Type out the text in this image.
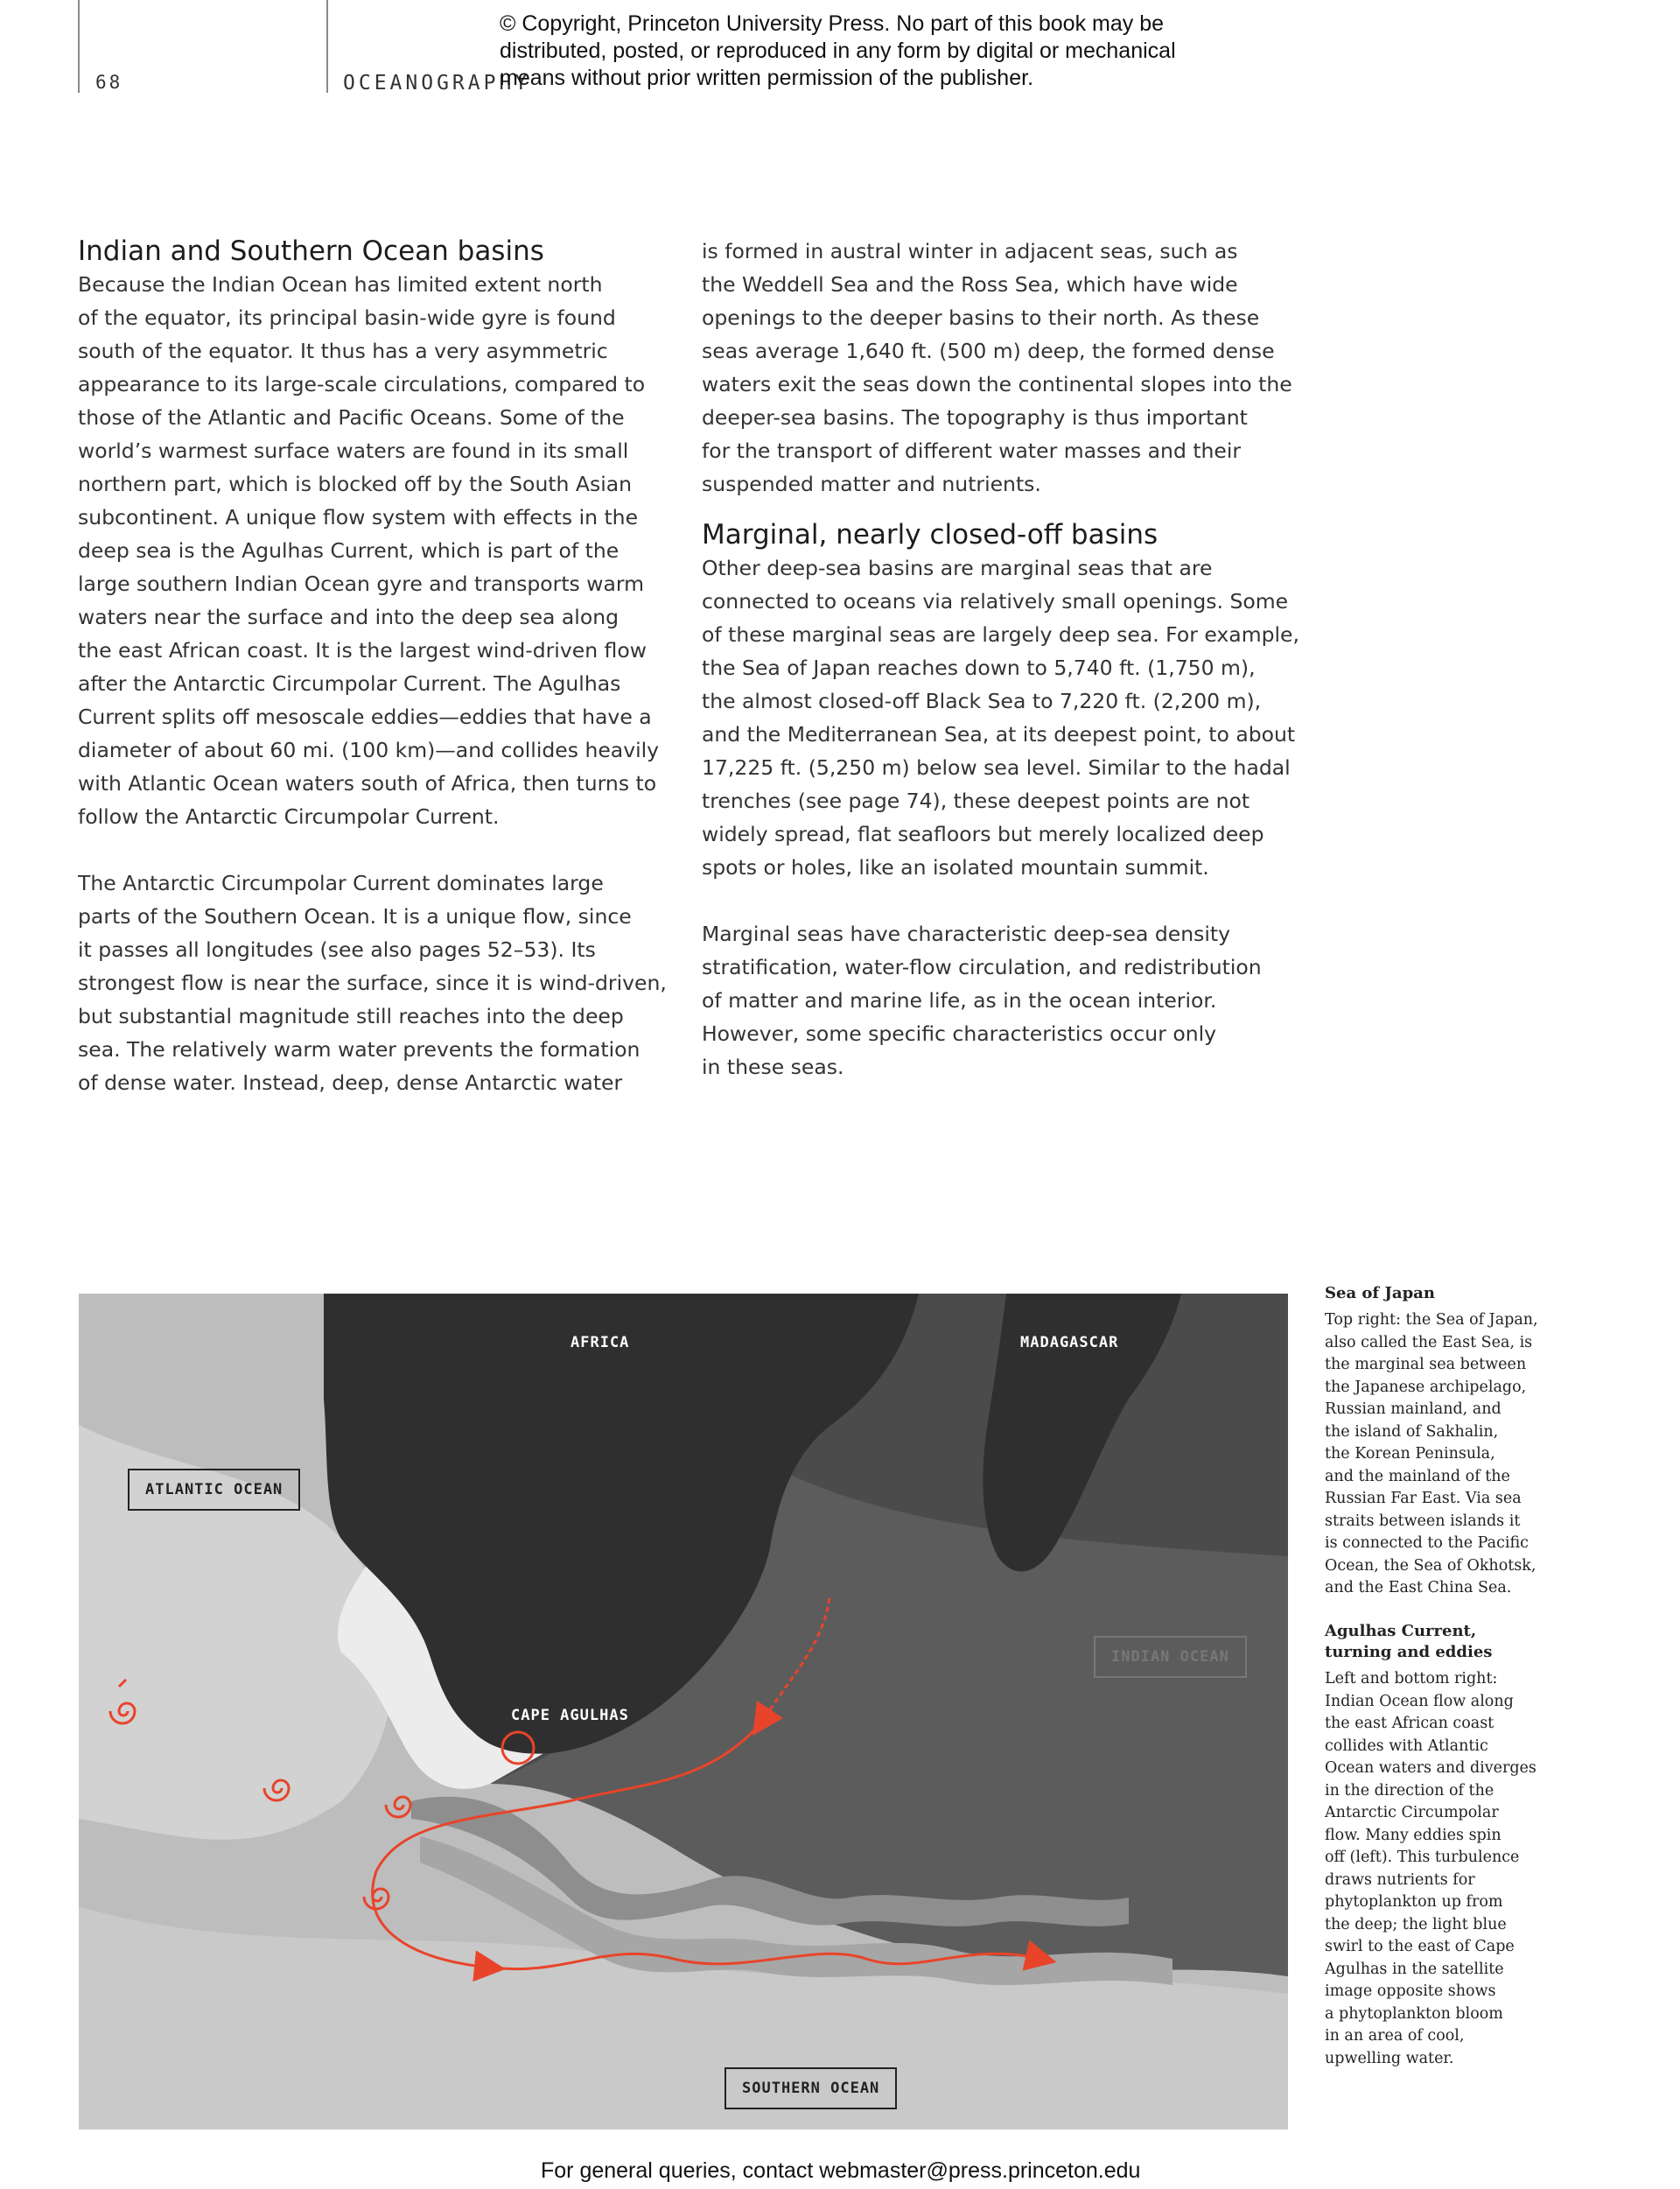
68	OCEANOGRAPHY
© Copyright, Princeton University Press. No part of this book may be
distributed, posted, or reproduced in any form by digital or mechanical
means without prior written permission of the publisher.
Indian and Southern Ocean basins
Because the Indian Ocean has limited extent north
of the equator, its principal basin-wide gyre is found
south of the equator. It thus has a very asymmetric
appearance to its large-scale circulations, compared to
those of the Atlantic and Pacific Oceans. Some of the
world’s warmest surface waters are found in its small
northern part, which is blocked off by the South Asian
subcontinent. A unique flow system with effects in the
deep sea is the Agulhas Current, which is part of the
large southern Indian Ocean gyre and transports warm
waters near the surface and into the deep sea along
the east African coast. It is the largest wind-driven flow
after the Antarctic Circumpolar Current. The Agulhas
Current splits off mesoscale eddies—eddies that have a
diameter of about 60 mi. (100 km)—and collides heavily
with Atlantic Ocean waters south of Africa, then turns to
follow the Antarctic Circumpolar Current.
The Antarctic Circumpolar Current dominates large
parts of the Southern Ocean. It is a unique flow, since
it passes all longitudes (see also pages 52–53). Its
strongest flow is near the surface, since it is wind-driven,
but substantial magnitude still reaches into the deep
sea. The relatively warm water prevents the formation
of dense water. Instead, deep, dense Antarctic water
is formed in austral winter in adjacent seas, such as
the Weddell Sea and the Ross Sea, which have wide
openings to the deeper basins to their north. As these
seas average 1,640 ft. (500 m) deep, the formed dense
waters exit the seas down the continental slopes into the
deeper-sea basins. The topography is thus important
for the transport of different water masses and their
suspended matter and nutrients.
Marginal, nearly closed-off basins
Other deep-sea basins are marginal seas that are
connected to oceans via relatively small openings. Some
of these marginal seas are largely deep sea. For example,
the Sea of Japan reaches down to 5,740 ft. (1,750 m),
the almost closed-off Black Sea to 7,220 ft. (2,200 m),
and the Mediterranean Sea, at its deepest point, to about
17,225 ft. (5,250 m) below sea level. Similar to the hadal
trenches (see page 74), these deepest points are not
widely spread, flat seafloors but merely localized deep
spots or holes, like an isolated mountain summit.
Marginal seas have characteristic deep-sea density
stratification, water-flow circulation, and redistribution
of matter and marine life, as in the ocean interior.
However, some specific characteristics occur only
in these seas.
AFRICA	MADAGASCAR
ATLANTIC OCEAN
INDIAN OCEAN
CAPE AGULHAS
SOUTHERN OCEAN
Sea of Japan
Top right: the Sea of Japan,
also called the East Sea, is
the marginal sea between
the Japanese archipelago,
Russian mainland, and
the island of Sakhalin,
the Korean Peninsula,
and the mainland of the
Russian Far East. Via sea
straits between islands it
is connected to the Pacific
Ocean, the Sea of Okhotsk,
and the East China Sea.
Agulhas Current,
turning and eddies
Left and bottom right:
Indian Ocean flow along
the east African coast
collides with Atlantic
Ocean waters and diverges
in the direction of the
Antarctic Circumpolar
flow. Many eddies spin
off (left). This turbulence
draws nutrients for
phytoplankton up from
the deep; the light blue
swirl to the east of Cape
Agulhas in the satellite
image opposite shows
a phytoplankton bloom
in an area of cool,
upwelling water.
For general queries, contact webmaster@press.princeton.edu
